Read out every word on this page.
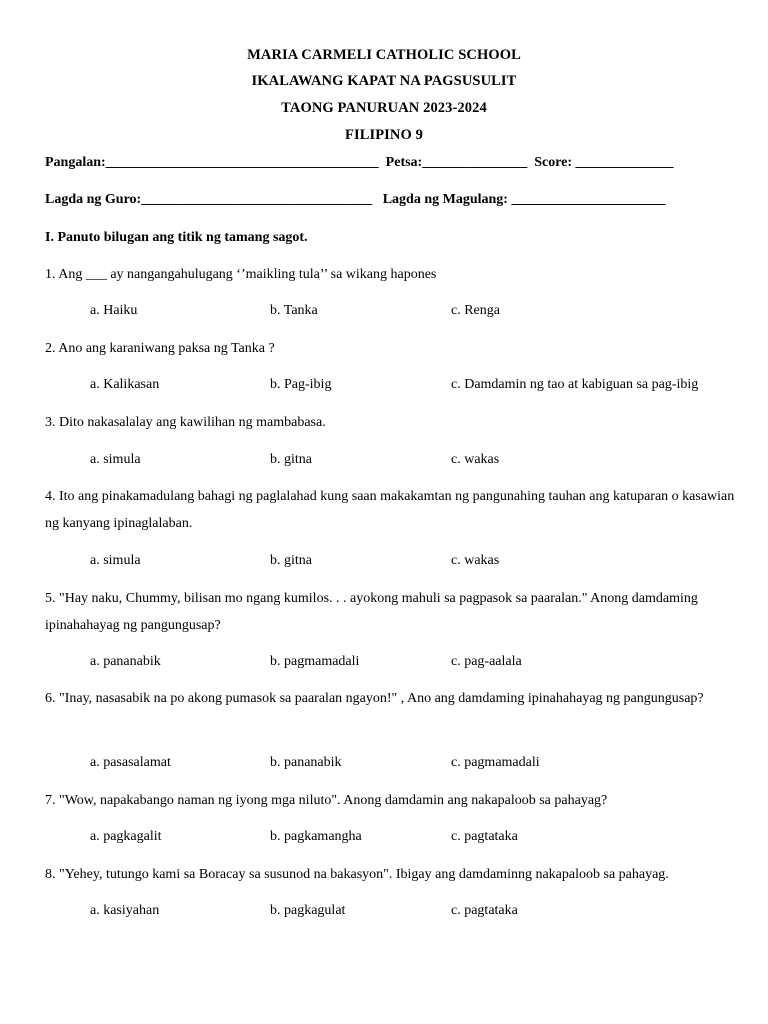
MARIA CARMELI CATHOLIC SCHOOL
IKALAWANG KAPAT NA PAGSUSULIT
TAONG PANURUAN 2023-2024
FILIPINO 9
Pangalan:_______________________________________  Petsa:_______________  Score: ______________
Lagda ng Guro:_________________________________   Lagda ng Magulang: ______________________
I. Panuto bilugan ang titik ng tamang sagot.
1. Ang ___ ay nangangahulugang ‘’maikling tula’’ sa wikang hapones
a. Haiku	b. Tanka	c. Renga
2. Ano ang karaniwang paksa ng Tanka ?
a. Kalikasan	b. Pag-ibig	c. Damdamin ng tao at kabiguan sa pag-ibig
3. Dito nakasalalay ang kawilihan ng mambabasa.
a. simula	b. gitna	c. wakas
4. Ito ang pinakamadulang bahagi ng paglalahad kung saan makakamtan ng pangunahing tauhan ang katuparan o kasawian ng kanyang ipinaglalaban.
a. simula	b. gitna	c. wakas
5. "Hay naku, Chummy, bilisan mo ngang kumilos. . . ayokong mahuli sa pagpasok sa paaralan." Anong damdaming ipinahahayag ng pangungusap?
a. pananabik	b. pagmamadali	c. pag-aalala
6. "Inay, nasasabik na po akong pumasok sa paaralan ngayon!" , Ano ang damdaming ipinahahayag ng pangungusap?
a. pasasalamat	b. pananabik	c. pagmamadali
7. "Wow, napakabango naman ng iyong mga niluto". Anong damdamin ang nakapaloob sa pahayag?
a. pagkagalit	b. pagkamangha	c. pagtataka
8. "Yehey, tutungo kami sa Boracay sa susunod na bakasyon". Ibigay ang damdaminng nakapaloob sa pahayag.
a. kasiyahan	b. pagkagulat	c. pagtataka
